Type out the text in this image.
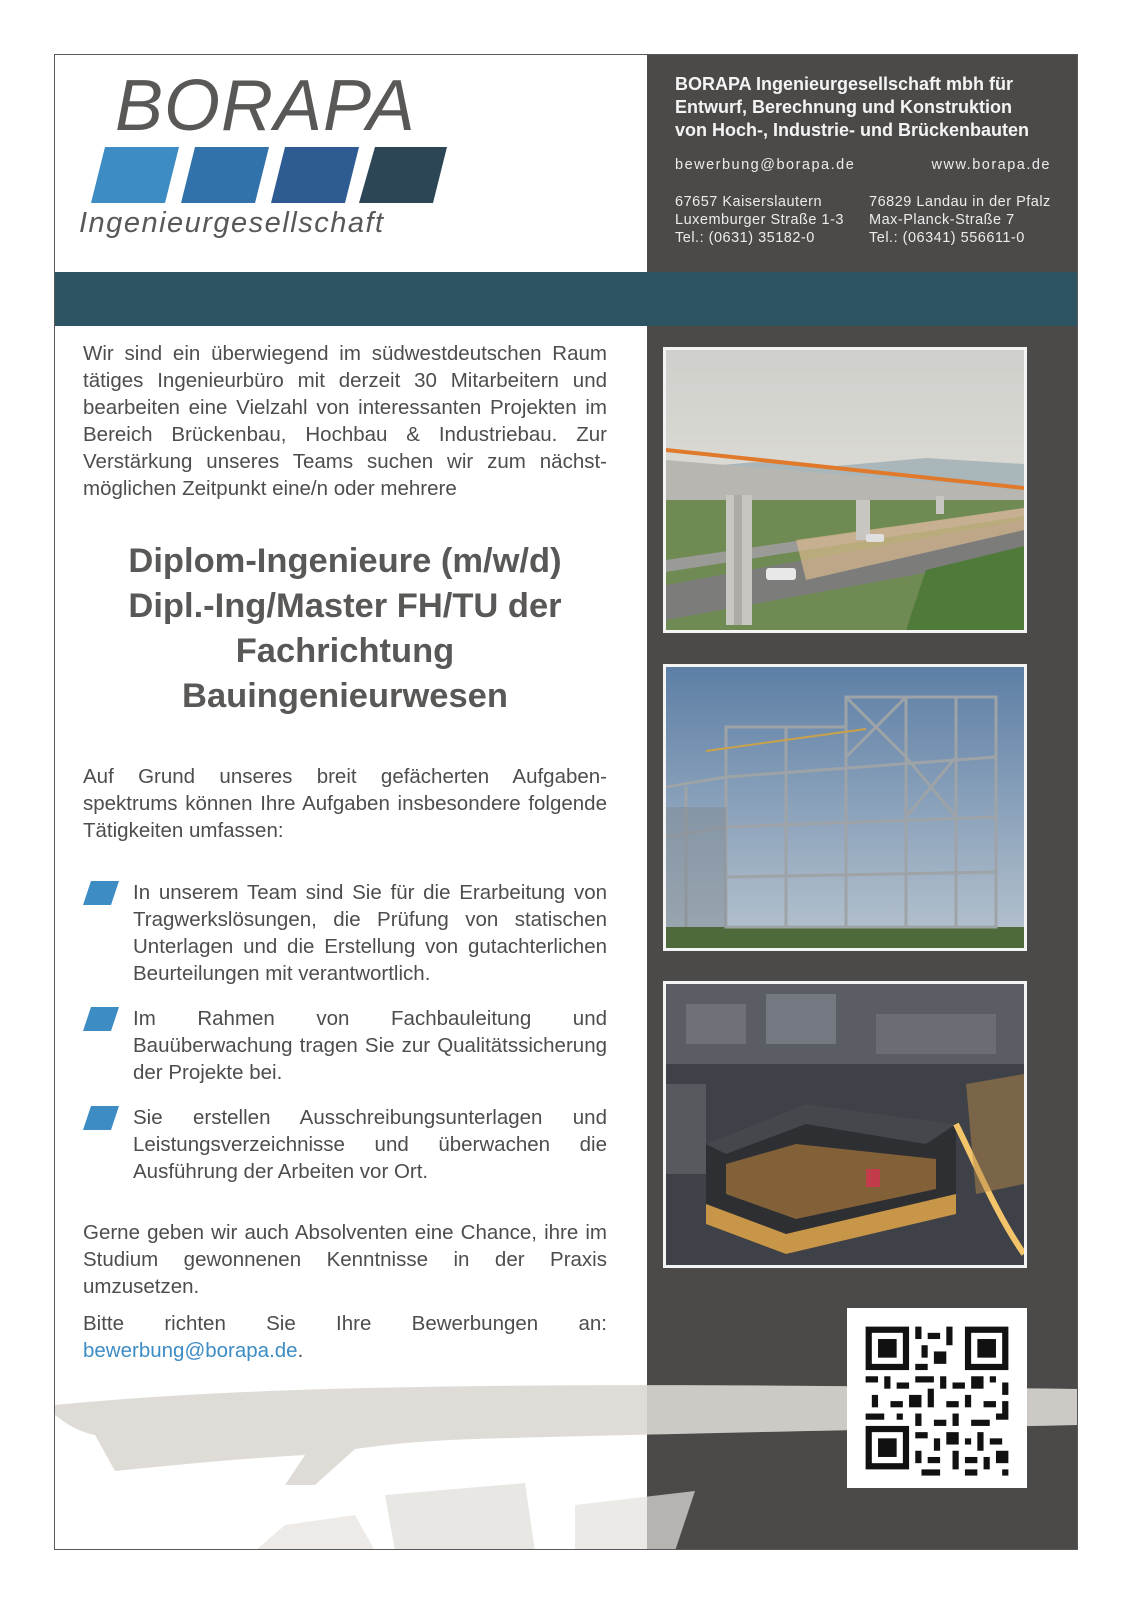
BORAPA
Ingenieurgesellschaft
BORAPA Ingenieurgesellschaft mbh für
Entwurf, Berechnung und Konstruktion
von Hoch-, Industrie- und Brückenbauten
bewerbung@borapa.de	www.borapa.de
67657 Kaiserslautern
Luxemburger Straße 1-3
Tel.: (0631) 35182-0
76829 Landau in der Pfalz
Max-Planck-Straße 7
Tel.: (06341) 556611-0
Wir sind ein überwiegend im südwestdeutschen Raum tätiges Ingenieurbüro mit derzeit 30 Mitarbeitern und bearbeiten eine Vielzahl von interessanten Projekten im Bereich Brückenbau, Hochbau & Industriebau. Zur Verstärkung unseres Teams suchen wir zum nächst-möglichen Zeitpunkt eine/n oder mehrere
Diplom-Ingenieure (m/w/d)
Dipl.-Ing/Master FH/TU der
Fachrichtung
Bauingenieurwesen
Auf Grund unseres breit gefächerten Aufgaben- spektrums können Ihre Aufgaben insbesondere folgende Tätigkeiten umfassen:
In unserem Team sind Sie für die Erarbeitung von Tragwerkslösungen, die Prüfung von statischen Unterlagen und die Erstellung von gutachterlichen Beurteilungen mit verantwortlich.
Im Rahmen von Fachbauleitung und Bauüberwachung tragen Sie zur Qualitätssicherung der Projekte bei.
Sie erstellen Ausschreibungsunterlagen und Leistungsverzeichnisse und überwachen die Ausführung der Arbeiten vor Ort.
Gerne geben wir auch Absolventen eine Chance, ihre im Studium gewonnenen Kenntnisse in der Praxis umzusetzen.
Bitte richten Sie Ihre Bewerbungen an:
bewerbung@borapa.de.
